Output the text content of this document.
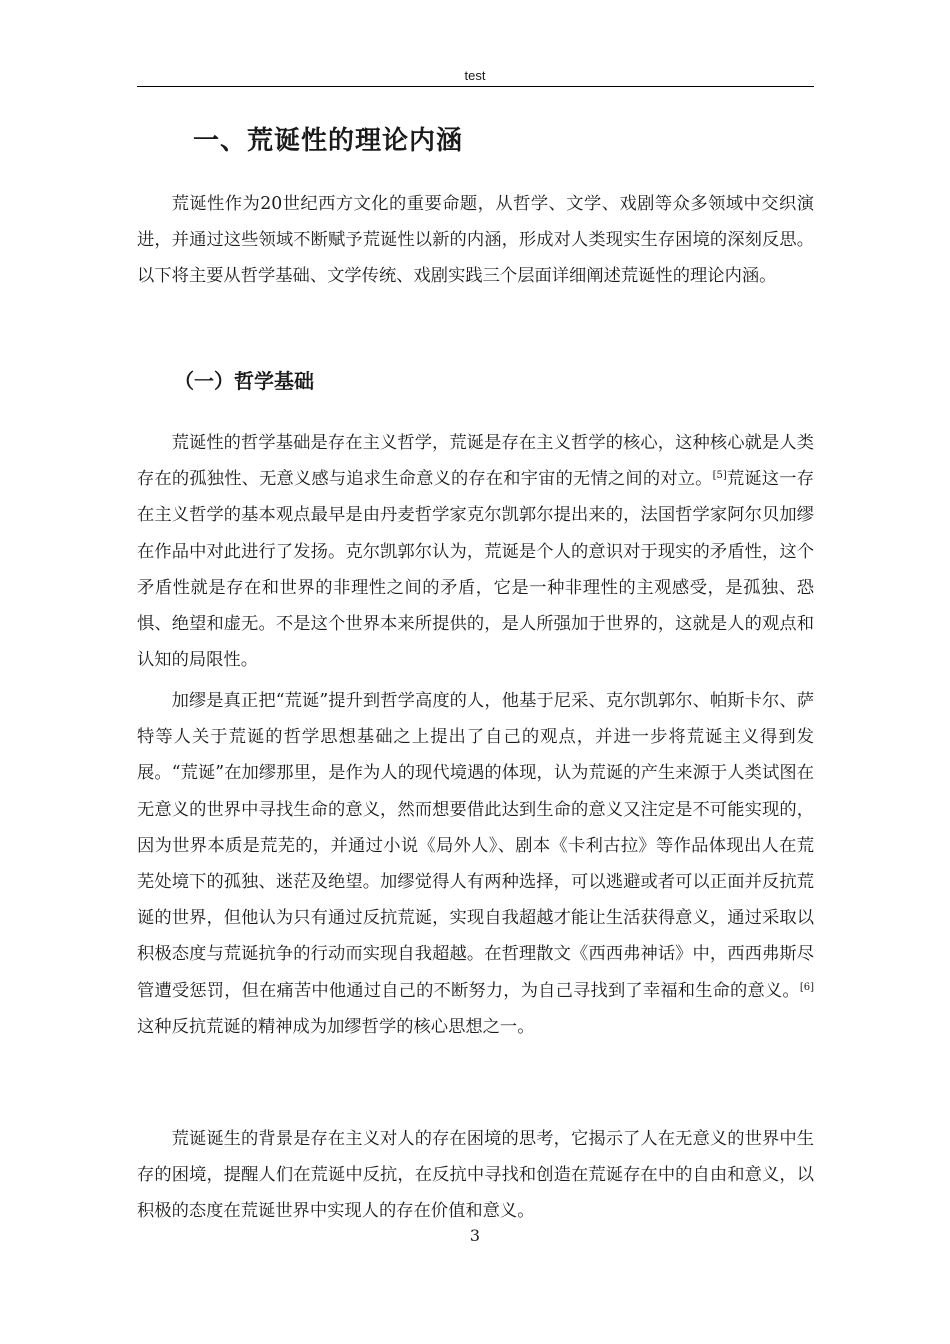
test
一、荒诞性的理论内涵

荒诞性作为20世纪西方文化的重要命题，从哲学、文学、戏剧等众多领域中交织演进，并通过这些领域不断赋予荒诞性以新的内涵，形成对人类现实生存困境的深刻反思。以下将主要从哲学基础、文学传统、戏剧实践三个层面详细阐述荒诞性的理论内涵。

（一）哲学基础

荒诞性的哲学基础是存在主义哲学，荒诞是存在主义哲学的核心，这种核心就是人类存在的孤独性、无意义感与追求生命意义的存在和宇宙的无情之间的对立。[5]荒诞这一存在主义哲学的基本观点最早是由丹麦哲学家克尔凯郭尔提出来的，法国哲学家阿尔贝加缪在作品中对此进行了发扬。克尔凯郭尔认为，荒诞是个人的意识对于现实的矛盾性，这个矛盾性就是存在和世界的非理性之间的矛盾，它是一种非理性的主观感受，是孤独、恐惧、绝望和虚无。不是这个世界本来所提供的，是人所强加于世界的，这就是人的观点和认知的局限性。

加缪是真正把“荒诞”提升到哲学高度的人，他基于尼采、克尔凯郭尔、帕斯卡尔、萨特等人关于荒诞的哲学思想基础之上提出了自己的观点，并进一步将荒诞主义得到发展。“荒诞”在加缪那里，是作为人的现代境遇的体现，认为荒诞的产生来源于人类试图在无意义的世界中寻找生命的意义，然而想要借此达到生命的意义又注定是不可能实现的，因为世界本质是荒芜的，并通过小说《局外人》、剧本《卡利古拉》等作品体现出人在荒芜处境下的孤独、迷茫及绝望。加缪觉得人有两种选择，可以逃避或者可以正面并反抗荒诞的世界，但他认为只有通过反抗荒诞，实现自我超越才能让生活获得意义，通过采取以积极态度与荒诞抗争的行动而实现自我超越。在哲理散文《西西弗神话》中，西西弗斯尽管遭受惩罚，但在痛苦中他通过自己的不断努力，为自己寻找到了幸福和生命的意义。[6]这种反抗荒诞的精神成为加缪哲学的核心思想之一。

荒诞诞生的背景是存在主义对人的存在困境的思考，它揭示了人在无意义的世界中生存的困境，提醒人们在荒诞中反抗，在反抗中寻找和创造在荒诞存在中的自由和意义，以积极的态度在荒诞世界中实现人的存在价值和意义。

3
